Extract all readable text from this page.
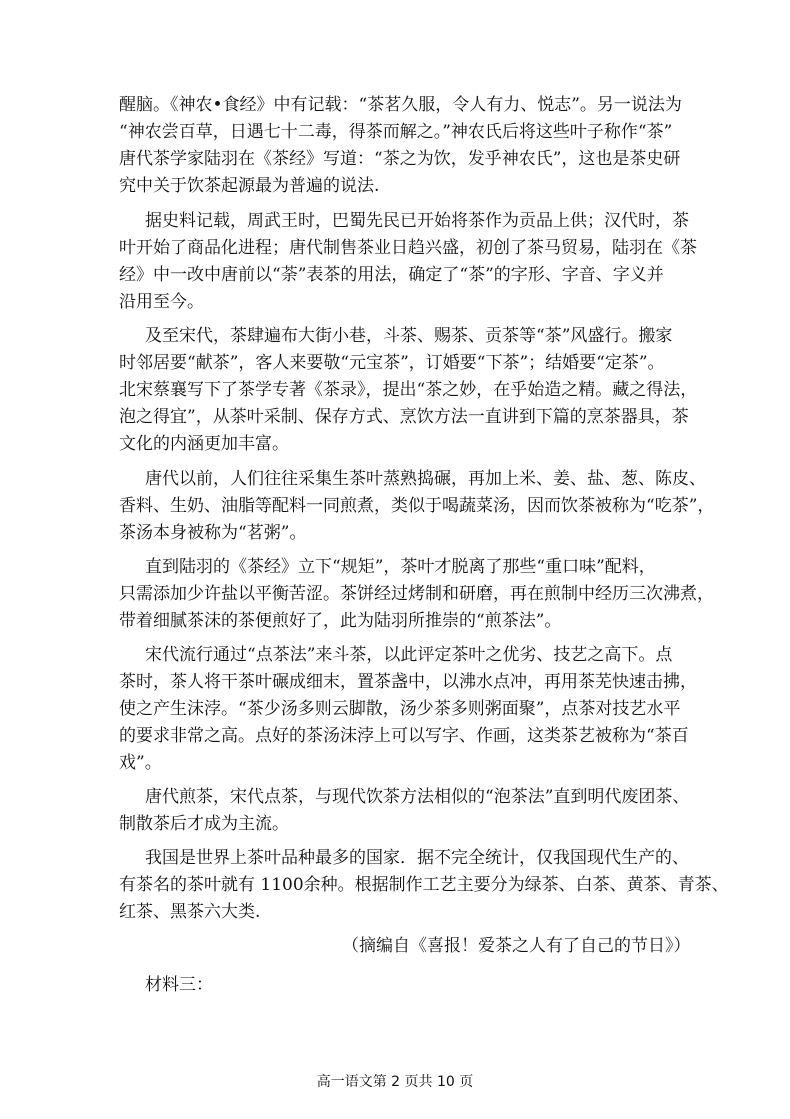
醒脑。《神农•食经》中有记载：“茶茗久服，令人有力、悦志”。另一说法为
“神农尝百草，日遇七十二毒，得茶而解之。”神农氏后将这些叶子称作“茶”
唐代茶学家陆羽在《茶经》写道：“茶之为饮，发乎神农氏”，这也是茶史研
究中关于饮茶起源最为普遍的说法.
据史料记载，周武王时，巴蜀先民已开始将茶作为贡品上供；汉代时，茶
叶开始了商品化进程；唐代制售茶业日趋兴盛，初创了茶马贸易，陆羽在《茶
经》中一改中唐前以“荼”表茶的用法，确定了“茶”的字形、字音、字义并
沿用至今。
及至宋代，茶肆遍布大街小巷，斗茶、赐茶、贡茶等“茶”风盛行。搬家
时邻居要“献茶”，客人来要敬“元宝茶”，订婚要“下茶”；结婚要“定茶”。
北宋蔡襄写下了茶学专著《茶录》，提出“茶之妙，在乎始造之精。藏之得法，
泡之得宜”，从茶叶采制、保存方式、烹饮方法一直讲到下篇的烹茶器具，茶
文化的内涵更加丰富。
唐代以前，人们往往采集生茶叶蒸熟捣碾，再加上米、姜、盐、葱、陈皮、
香料、生奶、油脂等配料一同煎煮，类似于喝蔬菜汤，因而饮茶被称为“吃茶”，
茶汤本身被称为“茗粥”。
直到陆羽的《茶经》立下“规矩”，茶叶才脱离了那些“重口味”配料，
只需添加少许盐以平衡苦涩。茶饼经过烤制和研磨，再在煎制中经历三次沸煮，
带着细腻茶沫的茶便煎好了，此为陆羽所推崇的“煎茶法”。
宋代流行通过“点茶法”来斗茶，以此评定茶叶之优劣、技艺之高下。点
茶时，茶人将干茶叶碾成细末，置茶盏中，以沸水点冲，再用茶芜快速击拂，
使之产生沫浡。“茶少汤多则云脚散，汤少茶多则粥面聚”，点茶对技艺水平
的要求非常之高。点好的茶汤沫浡上可以写字、作画，这类茶艺被称为“茶百
戏”。
唐代煎茶，宋代点茶，与现代饮茶方法相似的“泡茶法”直到明代废团茶、
制散茶后才成为主流。
我国是世界上茶叶品种最多的国家．据不完全统计，仅我国现代生产的、
有茶名的茶叶就有 1100余种。根据制作工艺主要分为绿茶、白茶、黄茶、青茶、
红茶、黑茶六大类.
（摘编自《喜报！爱茶之人有了自己的节日》）
材料三：
高一语文第 2 页共 10 页
